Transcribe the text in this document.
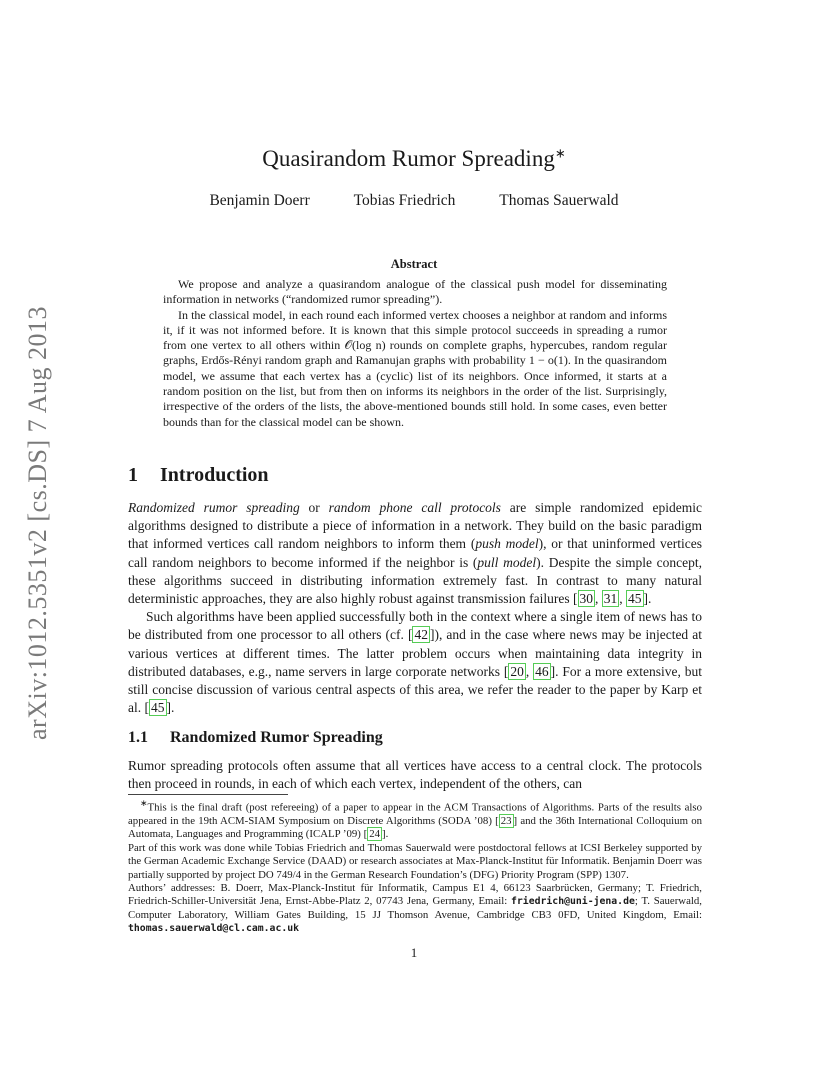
arXiv:1012.5351v2 [cs.DS] 7 Aug 2013
Quasirandom Rumor Spreading∗
Benjamin Doerr	Tobias Friedrich	Thomas Sauerwald
Abstract

We propose and analyze a quasirandom analogue of the classical push model for disseminating information in networks (“randomized rumor spreading”).

In the classical model, in each round each informed vertex chooses a neighbor at random and informs it, if it was not informed before. It is known that this simple protocol succeeds in spreading a rumor from one vertex to all others within 𝒪(log n) rounds on complete graphs, hypercubes, random regular graphs, Erdős-Rényi random graph and Ramanujan graphs with probability 1 − o(1). In the quasirandom model, we assume that each vertex has a (cyclic) list of its neighbors. Once informed, it starts at a random position on the list, but from then on informs its neighbors in the order of the list. Surprisingly, irrespective of the orders of the lists, the above-mentioned bounds still hold. In some cases, even better bounds than for the classical model can be shown.

1 Introduction

Randomized rumor spreading or random phone call protocols are simple randomized epidemic algorithms designed to distribute a piece of information in a network. They build on the basic paradigm that informed vertices call random neighbors to inform them (push model), or that uninformed vertices call random neighbors to become informed if the neighbor is (pull model). Despite the simple concept, these algorithms succeed in distributing information extremely fast. In contrast to many natural deterministic approaches, they are also highly robust against transmission failures [ 30 , 31 , 45 ].

Such algorithms have been applied successfully both in the context where a single item of news has to be distributed from one processor to all others (cf. [ 42 ]), and in the case where news may be injected at various vertices at different times. The latter problem occurs when maintaining data integrity in distributed databases, e.g., name servers in large corporate networks [ 20 , 46 ]. For a more extensive, but still concise discussion of various central aspects of this area, we refer the reader to the paper by Karp et al. [ 45 ].

1.1 Randomized Rumor Spreading

Rumor spreading protocols often assume that all vertices have access to a central clock. The protocols then proceed in rounds, in each of which each vertex, independent of the others, can

∗This is the final draft (post refereeing) of a paper to appear in the ACM Transactions of Algorithms. Parts of the results also appeared in the 19th ACM-SIAM Symposium on Discrete Algorithms (SODA ’08) [ 23 ] and the 36th International Colloquium on Automata, Languages and Programming (ICALP ’09) [ 24 ].

Part of this work was done while Tobias Friedrich and Thomas Sauerwald were postdoctoral fellows at ICSI Berkeley supported by the German Academic Exchange Service (DAAD) or research associates at Max-Planck-Institut für Informatik. Benjamin Doerr was partially supported by project DO 749/4 in the German Research Foundation’s (DFG) Priority Program (SPP) 1307.

Authors’ addresses: B. Doerr, Max-Planck-Institut für Informatik, Campus E1 4, 66123 Saarbrücken, Germany; T. Friedrich, Friedrich-Schiller-Universität Jena, Ernst-Abbe-Platz 2, 07743 Jena, Germany, Email: friedrich@uni-jena.de; T. Sauerwald, Computer Laboratory, William Gates Building, 15 JJ Thomson Avenue, Cambridge CB3 0FD, United Kingdom, Email: thomas.sauerwald@cl.cam.ac.uk

1
